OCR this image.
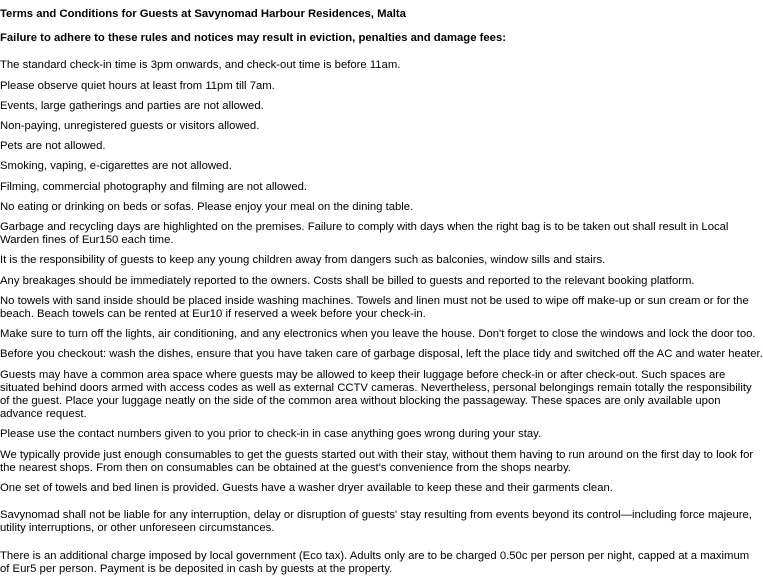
Terms and Conditions for Guests at Savynomad Harbour Residences, Malta
Failure to adhere to these rules and notices may result in eviction, penalties and damage fees:
The standard check-in time is 3pm onwards, and check-out time is before 11am.
Please observe quiet hours at least from 11pm till 7am.
Events, large gatherings and parties are not allowed.
Non-paying, unregistered guests or visitors allowed.
Pets are not allowed.
Smoking, vaping, e-cigarettes are not allowed.
Filming, commercial photography and filming are not allowed.
No eating or drinking on beds or sofas. Please enjoy your meal on the dining table.
Garbage and recycling days are highlighted on the premises. Failure to comply with days when the right bag is to be taken out shall result in Local Warden fines of Eur150 each time.
It is the responsibility of guests to keep any young children away from dangers such as balconies, window sills and stairs.
Any breakages should be immediately reported to the owners. Costs shall be billed to guests and reported to the relevant booking platform.
No towels with sand inside should be placed inside washing machines. Towels and linen must not be used to wipe off make-up or sun cream or for the beach. Beach towels can be rented at Eur10 if reserved a week before your check-in.
Make sure to turn off the lights, air conditioning, and any electronics when you leave the house. Don't forget to close the windows and lock the door too.
Before you checkout: wash the dishes, ensure that you have taken care of garbage disposal, left the place tidy and switched off the AC and water heater.
Guests may have a common area space where guests may be allowed to keep their luggage before check-in or after check-out. Such spaces are situated behind doors armed with access codes as well as external CCTV cameras. Nevertheless, personal belongings remain totally the responsibility of the guest. Place your luggage neatly on the side of the common area without blocking the passageway. These spaces are only available upon advance request.
Please use the contact numbers given to you prior to check-in in case anything goes wrong during your stay.
We typically provide just enough consumables to get the guests started out with their stay, without them having to run around on the first day to look for the nearest shops. From then on consumables can be obtained at the guest's convenience from the shops nearby.
One set of towels and bed linen is provided. Guests have a washer dryer available to keep these and their garments clean.
Savynomad shall not be liable for any interruption, delay or disruption of guests' stay resulting from events beyond its control—including force majeure, utility interruptions, or other unforeseen circumstances.
There is an additional charge imposed by local government (Eco tax). Adults only are to be charged 0.50c per person per night, capped at a maximum of Eur5 per person. Payment is be deposited in cash by guests at the property.
